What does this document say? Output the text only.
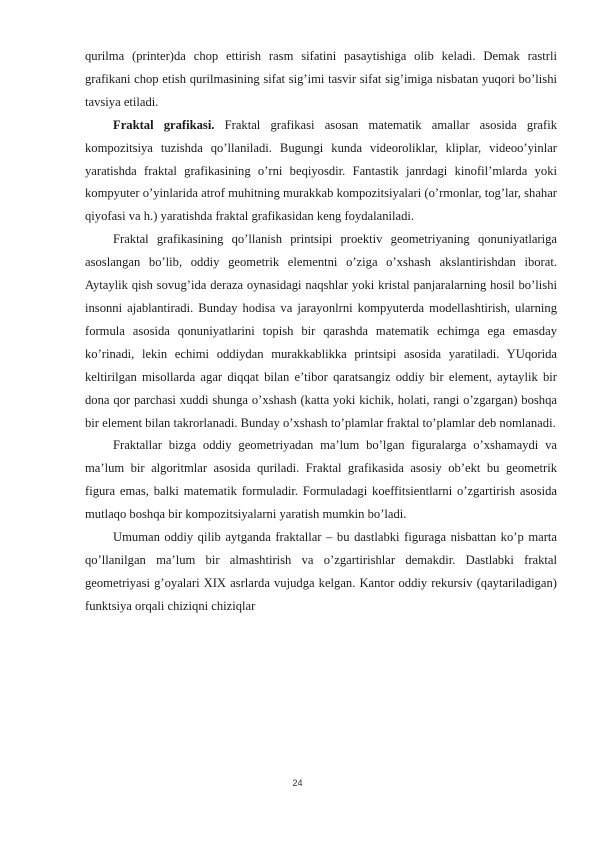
qurilma (printer)da chop ettirish rasm sifatini pasaytishiga olib keladi. Demak rastrli grafikani chop etish qurilmasining sifat sig’imi tasvir sifat sig’imiga nisbatan yuqori bo’lishi tavsiya etiladi.

Fraktal grafikasi. Fraktal grafikasi asosan matematik amallar asosida grafik kompozitsiya tuzishda qo’llaniladi. Bugungi kunda videoroliklar, kliplar, videoo’yinlar yaratishda fraktal grafikasining o’rni beqiyosdir. Fantastik janrdagi kinofil’mlarda yoki kompyuter o’yinlarida atrof muhitning murakkab kompozitsiyalari (o’rmonlar, tog’lar, shahar qiyofasi va h.) yaratishda fraktal grafikasidan keng foydalaniladi.

Fraktal grafikasining qo’llanish printsipi proektiv geometriyaning qonuniyatlariga asoslangan bo’lib, oddiy geometrik elementni o’ziga o’xshash akslantirishdan iborat. Aytaylik qish sovug’ida deraza oynasidagi naqshlar yoki kristal panjaralarning hosil bo’lishi insonni ajablantiradi. Bunday hodisa va jarayonlrni kompyuterda modellashtirish, ularning formula asosida qonuniyatlarini topish bir qarashda matematik echimga ega emasday ko’rinadi, lekin echimi oddiydan murakkablikka printsipi asosida yaratiladi. YUqorida keltirilgan misollarda agar diqqat bilan e’tibor qaratsangiz oddiy bir element, aytaylik bir dona qor parchasi xuddi shunga o’xshash (katta yoki kichik, holati, rangi o’zgargan) boshqa bir element bilan takrorlanadi. Bunday o’xshash to’plamlar fraktal to’plamlar deb nomlanadi.

Fraktallar bizga oddiy geometriyadan ma’lum bo’lgan figuralarga o’xshamaydi va ma’lum bir algoritmlar asosida quriladi. Fraktal grafikasida asosiy ob’ekt bu geometrik figura emas, balki matematik formuladir. Formuladagi koeffitsientlarni o’zgartirish asosida mutlaqo boshqa bir kompozitsiyalarni yaratish mumkin bo’ladi.

Umuman oddiy qilib aytganda fraktallar – bu dastlabki figuraga nisbattan ko’p marta qo’llanilgan ma’lum bir almashtirish va o’zgartirishlar demakdir. Dastlabki fraktal geometriyasi g’oyalari XIX asrlarda vujudga kelgan. Kantor oddiy rekursiv (qaytariladigan) funktsiya orqali chiziqni chiziqlar

24
